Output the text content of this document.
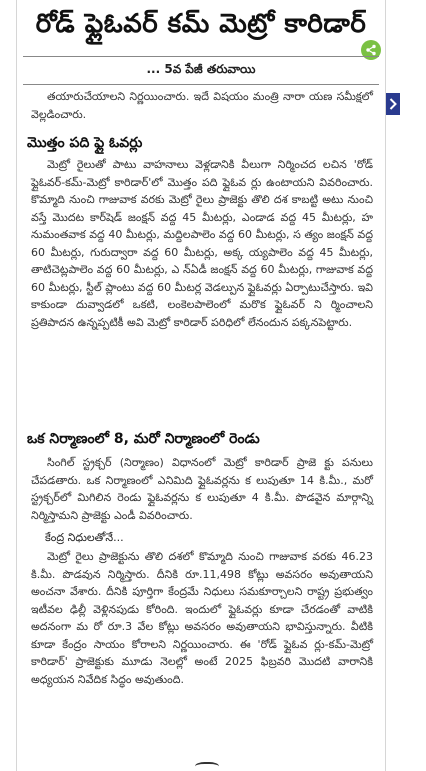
రోడ్ ఫ్లైఓవర్ కమ్ మెట్రో కారిడార్
... 5వ పేజీ తరువాయి

తయారుచేయాలని నిర్ణయించారు. ఇదే విషయం మంత్రి నారా యణ సమీక్షలో వెల్లడించారు.

మొత్తం పది ఫ్లై ఓవర్లు

మెట్రో రైలుతో పాటు వాహనాలు వెళ్లడానికి వీలుగా నిర్మించద లచిన 'రోడ్ ఫ్లైఓవర్-కమ్-మెట్రో కారిడార్'లో మొత్తం పది ఫ్లైఓవ ర్లు ఉంటాయని వివరించారు. కొమ్మాది నుంచి గాజువాక వరకు మెట్రో రైలు ప్రాజెక్టు తొలి దశ కాబట్టి అటు నుంచి వస్తే మొదట కార్‌షెడ్ జంక్షన్ వద్ద 45 మీటర్లు, ఎండాడ వద్ద 45 మీటర్లు, హ నుమంతవాక వద్ద 40 మీటర్లు, మద్దిలపాలెం వద్ద 60 మీటర్లు, స త్యం జంక్షన్ వద్ద 60 మీటర్లు, గురుద్వారా వద్ద 60 మీటర్లు, అక్క య్యపాలెం వద్ద 45 మీటర్లు, తాటిచెట్లపాలెం వద్ద 60 మీటర్లు, ఎ న్‌ఏడీ జంక్షన్ వద్ద 60 మీటర్లు, గాజువాక వద్ద 60 మీటర్లు, స్టీల్ ప్లాంటు వద్ద 60 మీటర్ల వెడల్పున ఫ్లైఓవర్లు ఏర్పాటుచేస్తారు. ఇవి కాకుండా దువ్వాడలో ఒకటి, లంకెలపాలెంలో మరొక ఫ్లైఓవర్ ని ర్మించాలని ప్రతిపాదన ఉన్నప్పటికీ అవి మెట్రో కారిడార్ పరిధిలో లేనందున పక్కనపెట్టారు.

ఒక నిర్మాణంలో 8, మరో నిర్మాణంలో రెండు

సింగిల్ స్ట్రక్చర్ (నిర్మాణం) విధానంలో మెట్రో కారిడార్ ప్రాజె క్టు పనులు చేపడతారు. ఒక నిర్మాణంలో ఎనిమిది ఫ్లైఓవర్లను క లుపుతూ 14 కి.మీ., మరో స్ట్రక్చర్‌లో మిగిలిన రెండు ఫ్లైఓవర్లను క లుపుతూ 4 కి.మీ. పొడవైన మార్గాన్ని నిర్మిస్తామని ప్రాజెక్టు ఎండీ వివరించారు.

కేంద్ర నిధులతోనే...

మెట్రో రైలు ప్రాజెక్టును తొలి దశలో కొమ్మాది నుంచి గాజువాక వరకు 46.23 కి.మీ. పొడవున నిర్మిస్తారు. దీనికి రూ.11,498 కోట్లు అవసరం అవుతాయని అంచనా వేశారు. దీనికి పూర్తిగా కేంద్రమే నిధులు సమకూర్చాలని రాష్ట్ర ప్రభుత్వం ఇటీవల ఢిల్లీ వెళ్లినపుడు కోరింది. ఇందులో ఫ్లైఓవర్లు కూడా చేరడంతో వాటికి అదనంగా మ రో రూ.3 వేల కోట్లు అవసరం అవుతాయని భావిస్తున్నారు. వీటికి కూడా కేంద్రం సాయం కోరాలని నిర్ణయించారు. ఈ 'రోడ్ ఫ్లైఓవ ర్లు-కమ్-మెట్రో కారిడార్' ప్రాజెక్టుకు మూడు నెలల్లో అంటే 2025 ఫిబ్రవరి మొదటి వారానికి అధ్యయన నివేదిక సిద్ధం అవుతుంది.
